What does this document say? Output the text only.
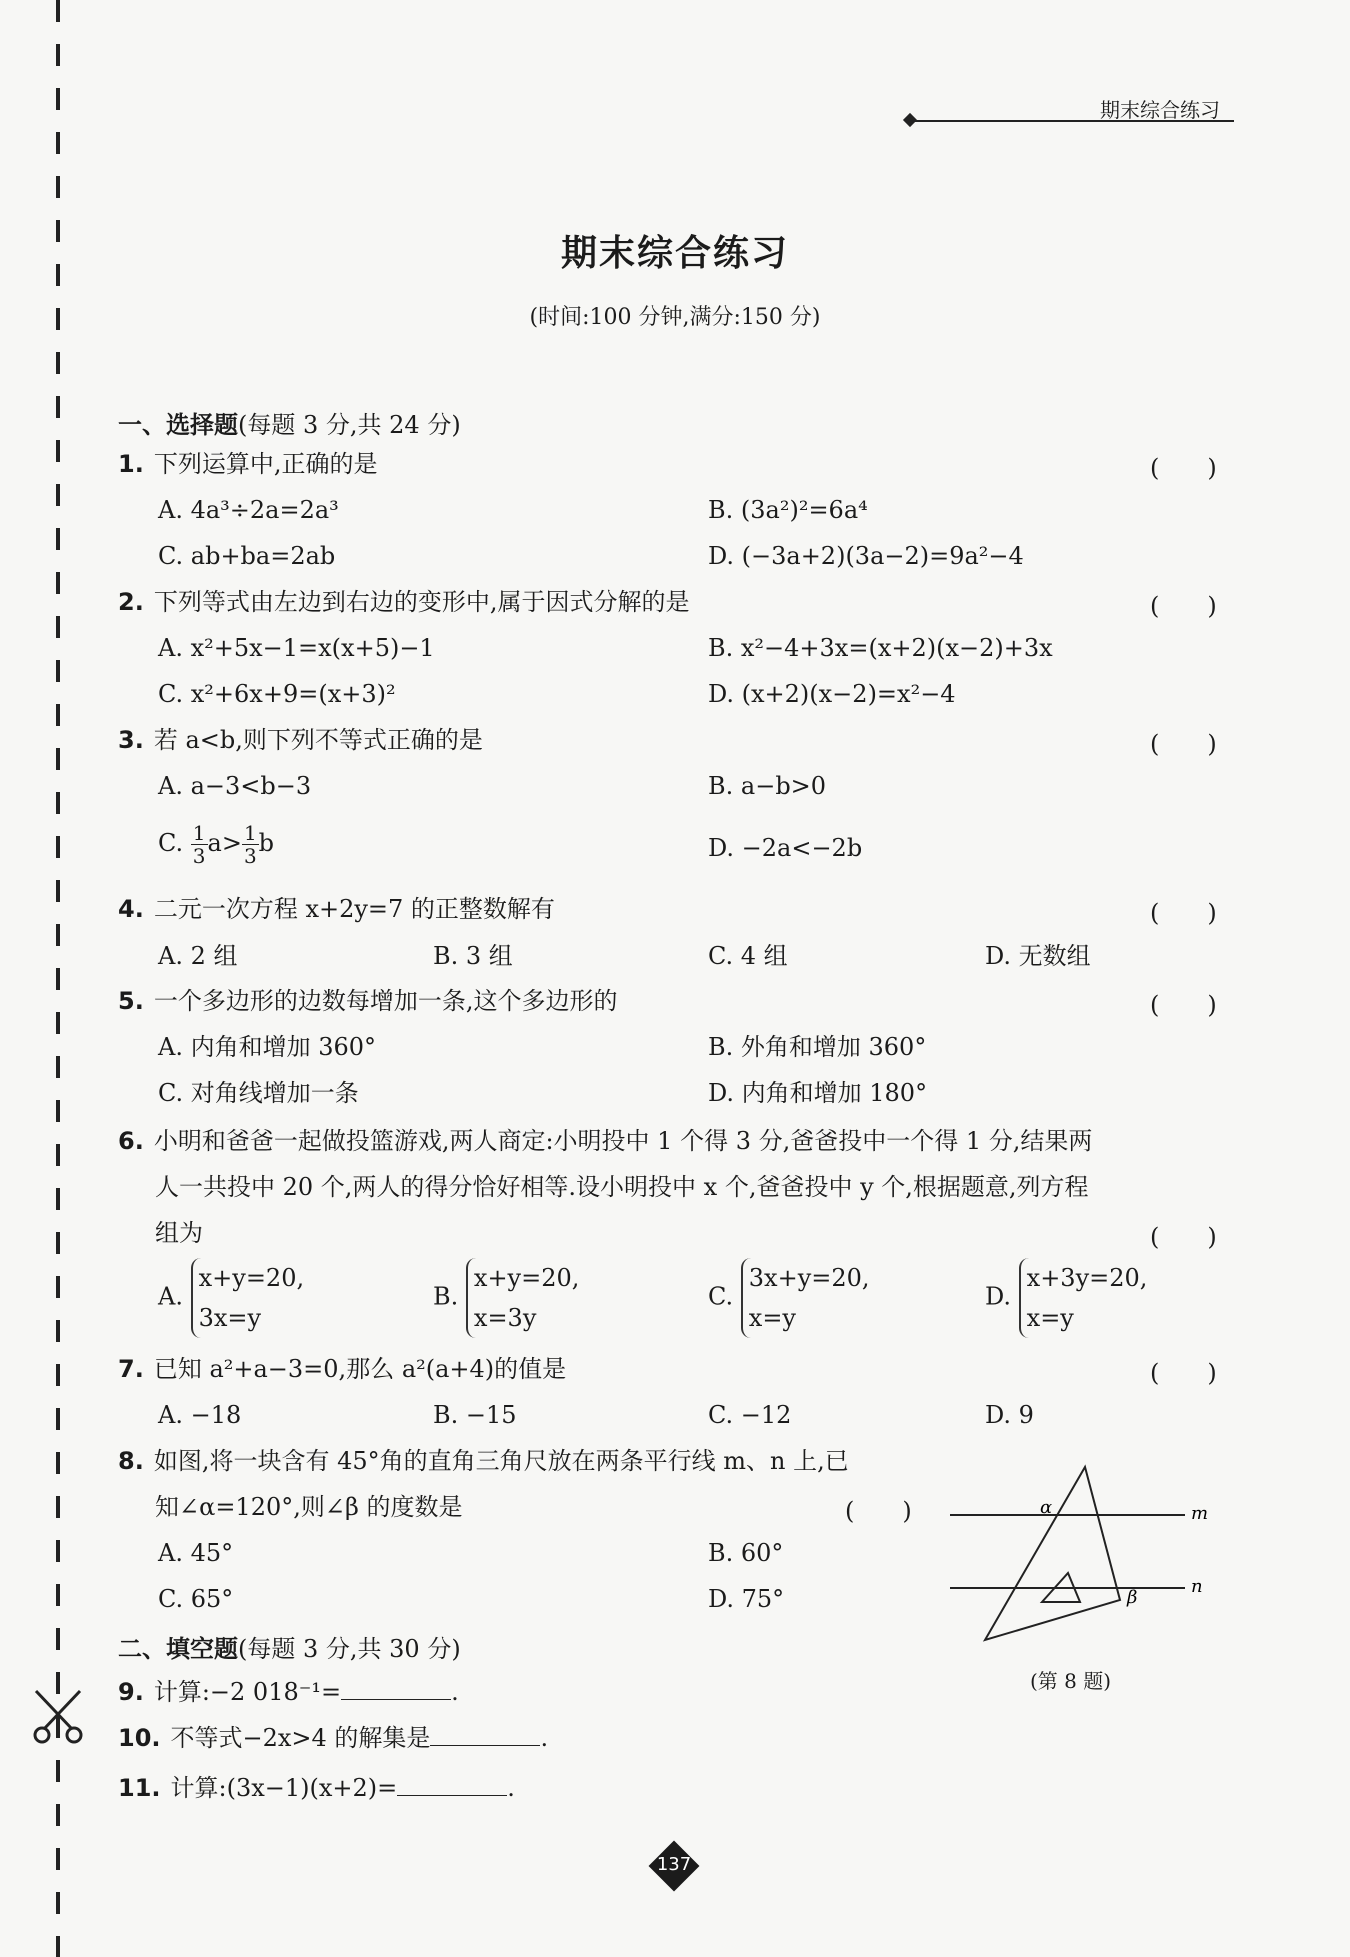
期末综合练习
期末综合练习
(时间:100 分钟,满分:150 分)
一、选择题(每题 3 分,共 24 分)
1. 下列运算中,正确的是	(　　)
A. 4a³÷2a=2a³	B. (3a²)²=6a⁴
C. ab+ba=2ab	D. (−3a+2)(3a−2)=9a²−4
2. 下列等式由左边到右边的变形中,属于因式分解的是	(　　)
A. x²+5x−1=x(x+5)−1	B. x²−4+3x=(x+2)(x−2)+3x
C. x²+6x+9=(x+3)²	D. (x+2)(x−2)=x²−4
3. 若 a<b,则下列不等式正确的是	(　　)
A. a−3<b−3	B. a−b>0
C. $\frac{1}{3} a> \frac{1}{3}$ b	D. −2a<−2b
4. 二元一次方程 x+2y=7 的正整数解有	(　　)
A. 2 组	B. 3 组	C. 4 组	D. 无数组
5. 一个多边形的边数每增加一条,这个多边形的	(　　)
A. 内角和增加 360°	B. 外角和增加 360°
C. 对角线增加一条	D. 内角和增加 180°
6. 小明和爸爸一起做投篮游戏,两人商定:小明投中 1 个得 3 分,爸爸投中一个得 1 分,结果两
人一共投中 20 个,两人的得分恰好相等.设小明投中 x 个,爸爸投中 y 个,根据题意,列方程
组为	(　　)
A.
x+y=20,
3x=y
B.
x+y=20,
x=3y
C.
3x+y=20,
x=y
D.
x+3y=20,
x=y
7. 已知 a²+a−3=0,那么 a²(a+4)的值是	(　　)
A. −18	B. −15	C. −12	D. 9
8. 如图,将一块含有 45°角的直角三角尺放在两条平行线 m、n 上,已
知∠α=120°,则∠β 的度数是	(　　)
A. 45°	B. 60°
C. 65°	D. 75°
α
β
m
n
(第 8 题)
二、填空题(每题 3 分,共 30 分)
9. 计算:−2 018⁻¹=	.
10. 不等式−2x>4 的解集是	.
11. 计算:(3x−1)(x+2)=	.
137
